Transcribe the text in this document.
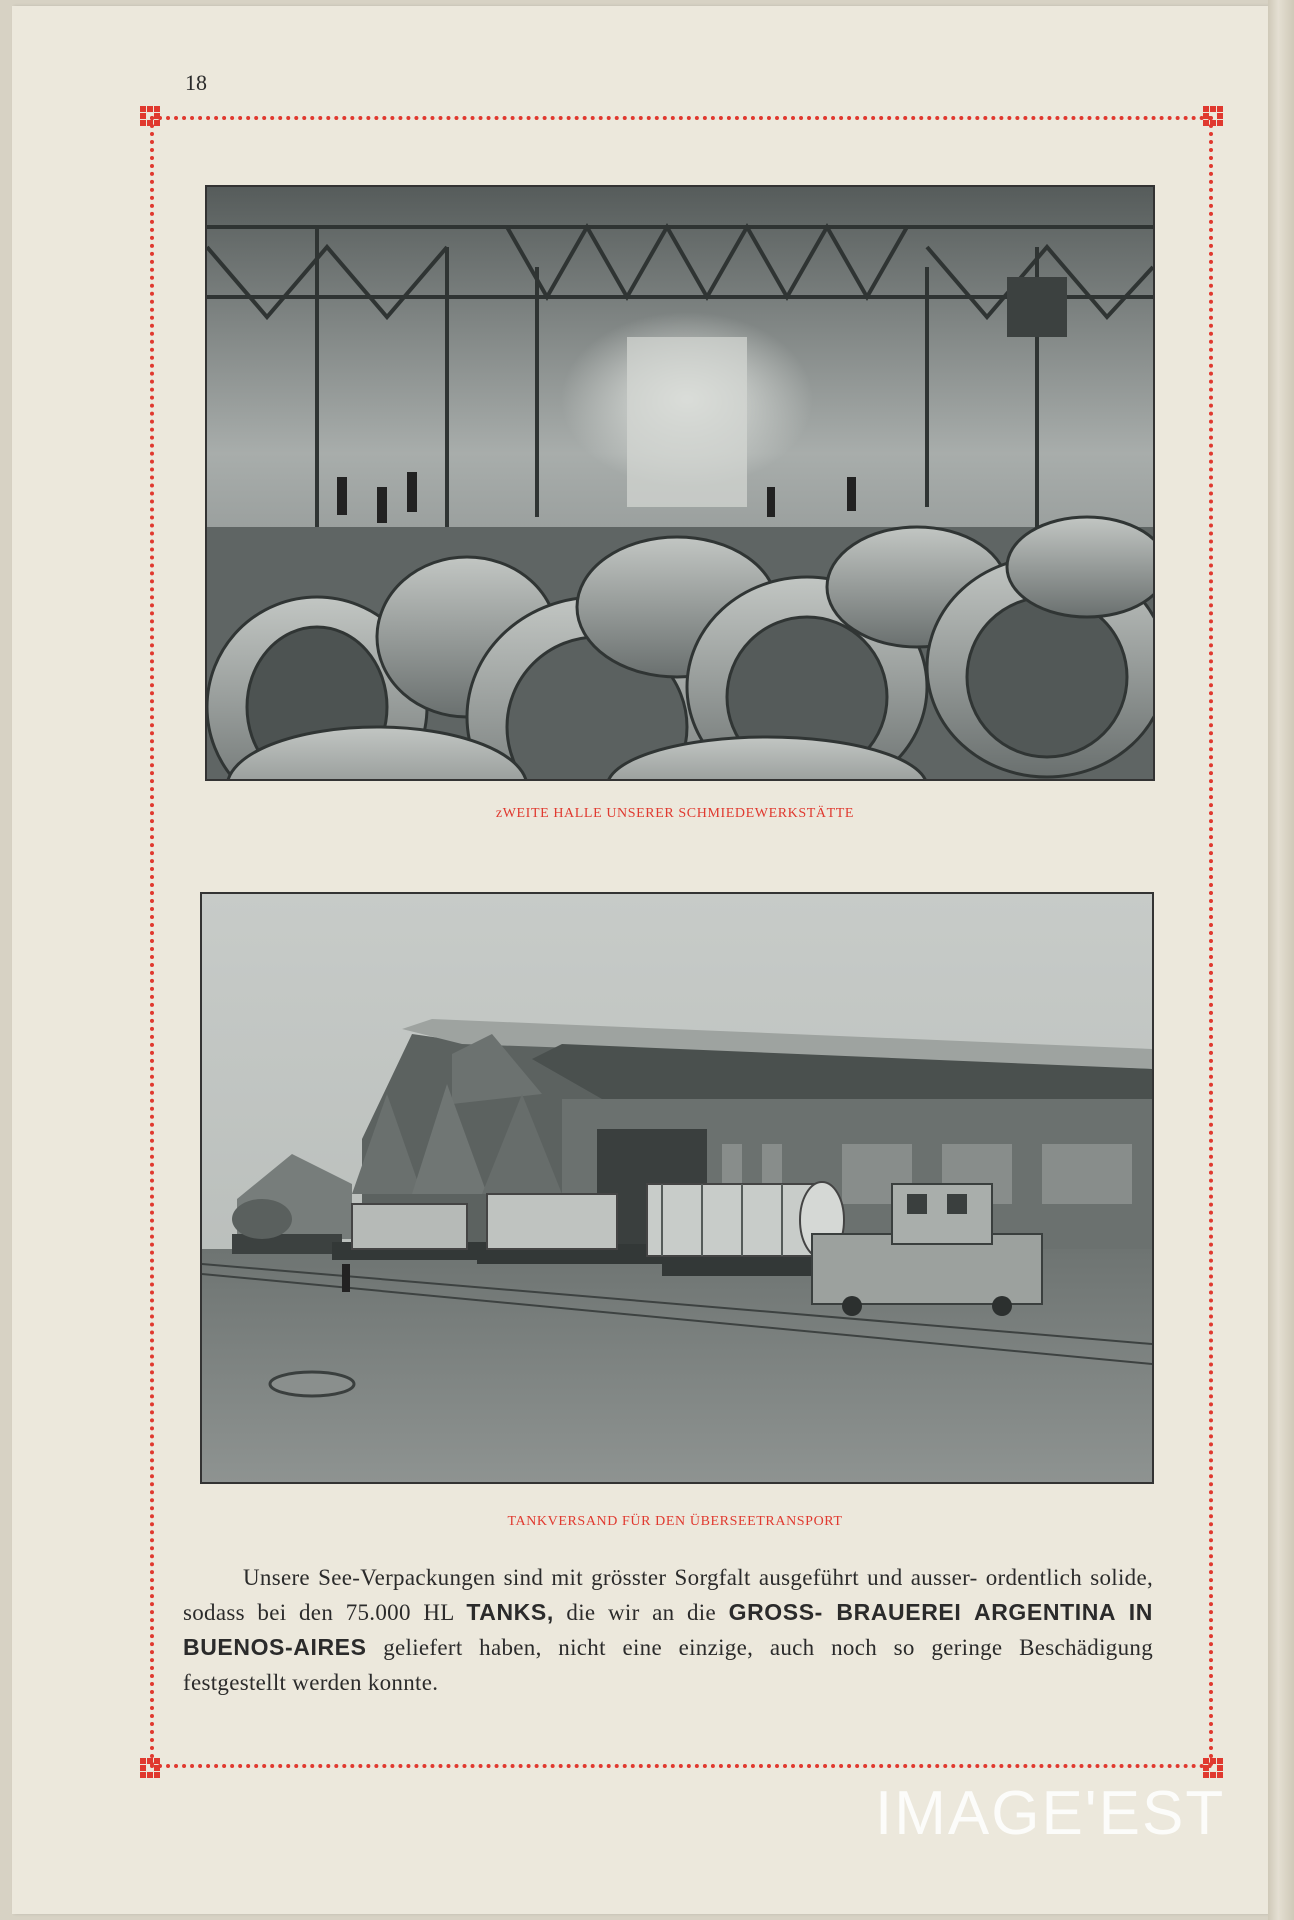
18
zWEITE HALLE UNSERER SCHMIEDEWERKSTÄTTE
TANKVERSAND FÜR DEN ÜBERSEETRANSPORT
Unsere See-Verpackungen sind mit grösster Sorgfalt ausgeführt und ausser- ordentlich solide, sodass bei den 75.000 HL TANKS, die wir an die GROSS- BRAUEREI ARGENTINA IN BUENOS-AIRES geliefert haben, nicht eine einzige, auch noch so geringe Beschädigung festgestellt werden konnte.
IMAGE'EST
